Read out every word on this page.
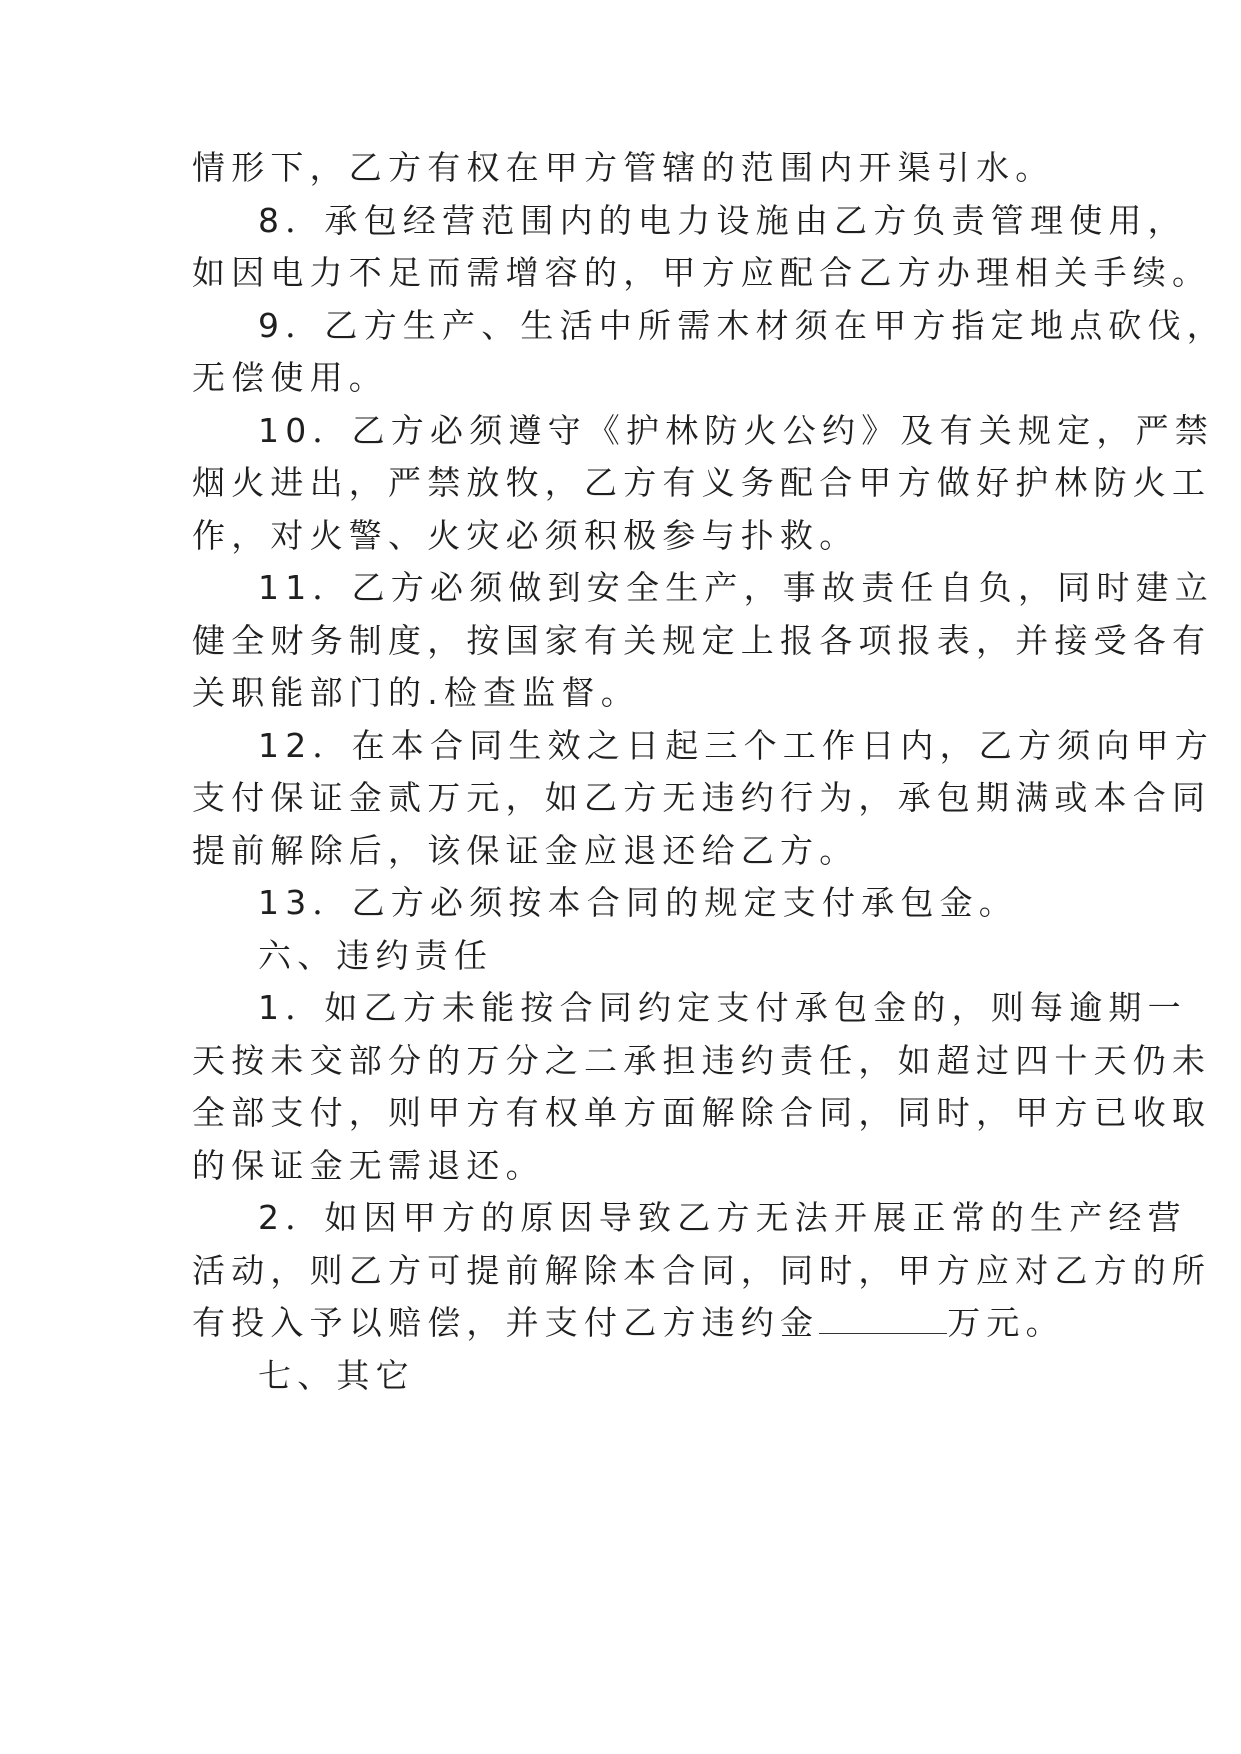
情形下，乙方有权在甲方管辖的范围内开渠引水。
8．承包经营范围内的电力设施由乙方负责管理使用，
如因电力不足而需增容的，甲方应配合乙方办理相关手续。
9．乙方生产、生活中所需木材须在甲方指定地点砍伐，
无偿使用。
10．乙方必须遵守《护林防火公约》及有关规定，严禁
烟火进出，严禁放牧，乙方有义务配合甲方做好护林防火工
作，对火警、火灾必须积极参与扑救。
11．乙方必须做到安全生产，事故责任自负，同时建立
健全财务制度，按国家有关规定上报各项报表，并接受各有
关职能部门的.检查监督。
12．在本合同生效之日起三个工作日内，乙方须向甲方
支付保证金贰万元，如乙方无违约行为，承包期满或本合同
提前解除后，该保证金应退还给乙方。
13．乙方必须按本合同的规定支付承包金。
六、违约责任
1．如乙方未能按合同约定支付承包金的，则每逾期一
天按未交部分的万分之二承担违约责任，如超过四十天仍未
全部支付，则甲方有权单方面解除合同，同时，甲方已收取
的保证金无需退还。
2．如因甲方的原因导致乙方无法开展正常的生产经营
活动，则乙方可提前解除本合同，同时，甲方应对乙方的所
有投入予以赔偿，并支付乙方违约金	万元。
七、其它
